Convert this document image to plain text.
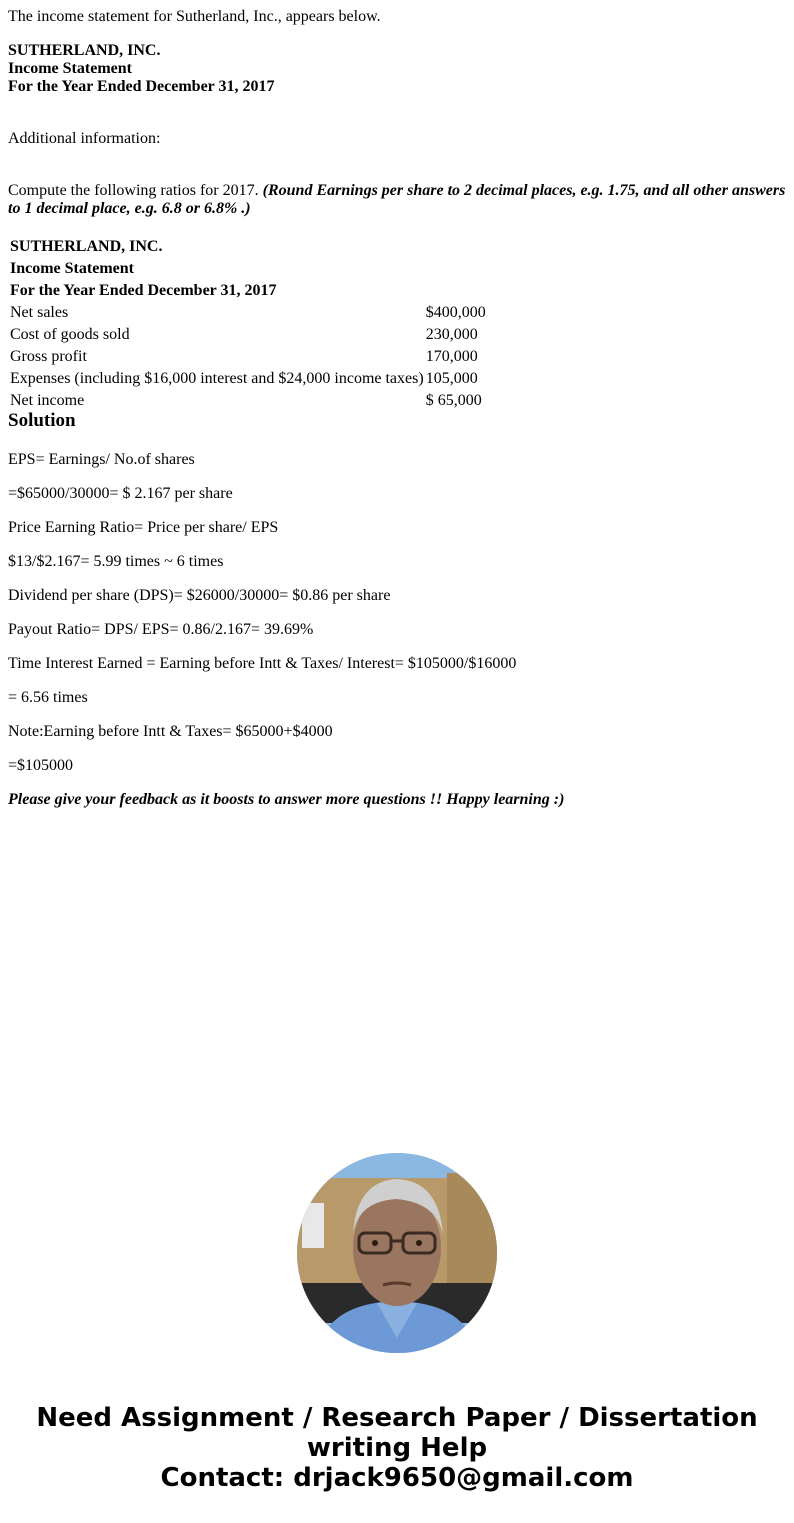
The income statement for Sutherland, Inc., appears below.
SUTHERLAND, INC.
Income Statement
For the Year Ended December 31, 2017
Additional information:
Compute the following ratios for 2017. (Round Earnings per share to 2 decimal places, e.g. 1.75, and all other answers
to 1 decimal place, e.g. 6.8 or 6.8% .)
SUTHERLAND, INC.	
Income Statement	
For the Year Ended December 31, 2017	
Net sales	$400,000
Cost of goods sold	230,000
Gross profit	170,000
Expenses (including $16,000 interest and $24,000 income taxes)	105,000
Net income	$ 65,000
Solution
EPS= Earnings/ No.of shares
=$65000/30000= $ 2.167 per share
Price Earning Ratio= Price per share/ EPS
$13/$2.167= 5.99 times ~ 6 times
Dividend per share (DPS)= $26000/30000= $0.86 per share
Payout Ratio= DPS/ EPS= 0.86/2.167= 39.69%
Time Interest Earned = Earning before Intt & Taxes/ Interest= $105000/$16000
= 6.56 times
Note:Earning before Intt & Taxes= $65000+$4000
=$105000
Please give your feedback as it boosts to answer more questions !! Happy learning :)
Need Assignment / Research Paper / Dissertation
writing Help
Contact: drjack9650@gmail.com
